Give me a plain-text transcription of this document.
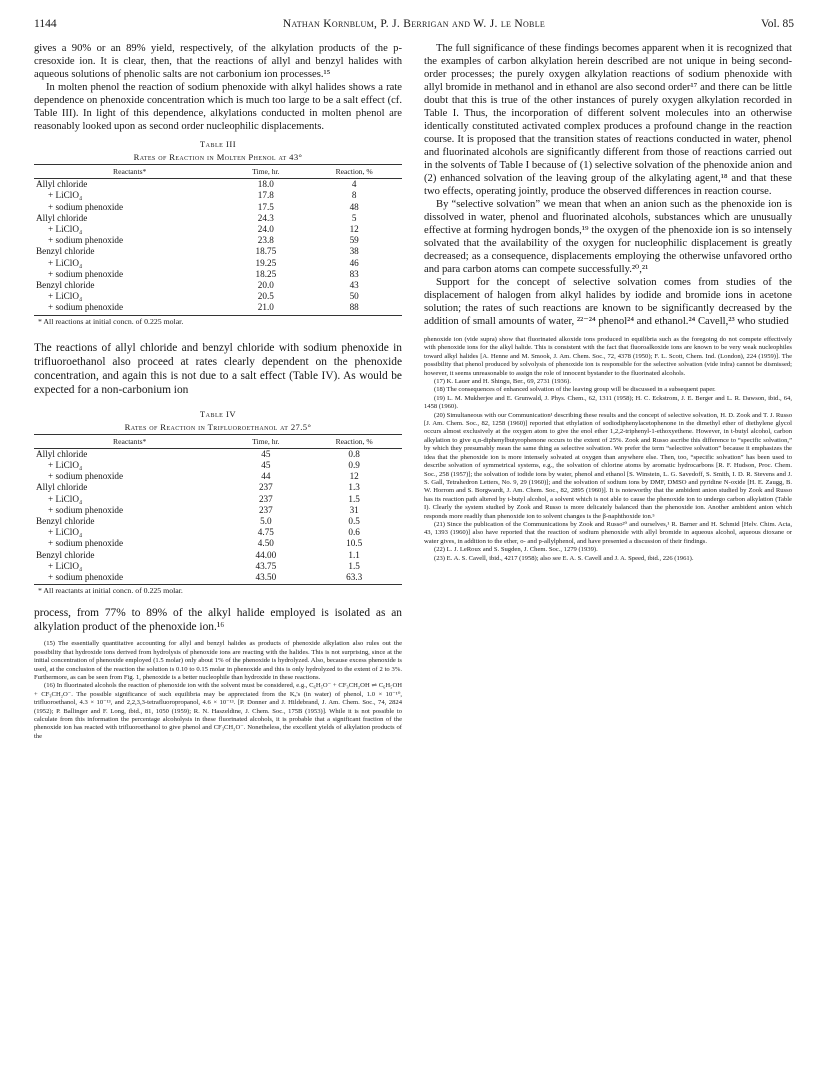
1144	Nathan Kornblum, P. J. Berrigan and W. J. le Noble	Vol. 85

gives a 90% or an 89% yield, respectively, of the alkylation products of the p-cresoxide ion. It is clear, then, that the reactions of allyl and benzyl halides with aqueous solutions of phenolic salts are not carbonium ion processes.¹⁵

In molten phenol the reaction of sodium phenoxide with alkyl halides shows a rate dependence on phenoxide concentration which is much too large to be a salt effect (cf. Table III). In light of this dependence, alkylations conducted in molten phenol are reasonably looked upon as second order nucleophilic displacements.

Table III
Rates of Reaction in Molten Phenol at 43°
Reactants*	Time, hr.	Reaction, %
Allyl chloride	18.0	4
+ LiClO₄	17.8	8
+ sodium phenoxide	17.5	48
Allyl chloride	24.3	5
+ LiClO₄	24.0	12
+ sodium phenoxide	23.8	59
Benzyl chloride	18.75	38
+ LiClO₄	19.25	46
+ sodium phenoxide	18.25	83
Benzyl chloride	20.0	43
+ LiClO₄	20.5	50
+ sodium phenoxide	21.0	88
* All reactions at initial concn. of 0.225 molar.

The reactions of allyl chloride and benzyl chloride with sodium phenoxide in trifluoroethanol also proceed at rates clearly dependent on the phenoxide concentration, and again this is not due to a salt effect (Table IV). As would be expected for a non-carbonium ion

Table IV
Rates of Reaction in Trifluoroethanol at 27.5°
Reactants*	Time, hr.	Reaction, %
Allyl chloride	45	0.8
+ LiClO₄	45	0.9
+ sodium phenoxide	44	12
Allyl chloride	237	1.3
+ LiClO₄	237	1.5
+ sodium phenoxide	237	31
Benzyl chloride	5.0	0.5
+ LiClO₄	4.75	0.6
+ sodium phenoxide	4.50	10.5
Benzyl chloride	44.00	1.1
+ LiClO₄	43.75	1.5
+ sodium phenoxide	43.50	63.3
* All reactants at initial concn. of 0.225 molar.

process, from 77% to 89% of the alkyl halide employed is isolated as an alkylation product of the phenoxide ion.¹⁶

(15) The essentially quantitative accounting for allyl and benzyl halides as products of phenoxide alkylation also rules out the possibility that hydroxide ions derived from hydrolysis of phenoxide ions are reacting with the halides. This is not surprising, since at the initial concentration of phenoxide employed (1.5 molar) only about 1% of the phenoxide is hydrolyzed. Also, because excess phenoxide is used, at the conclusion of the reaction the solution is 0.10 to 0.15 molar in phenoxide and this is only hydrolyzed to the extent of 2 to 3%. Furthermore, as can be seen from Fig. 1, phenoxide is a better nucleophile than hydroxide in these reactions.

(16) In fluorinated alcohols the reaction of phenoxide ion with the solvent must be considered, e.g., C₆H₅O⁻ + CF₃CH₂OH ⇌ C₆H₅OH + CF₃CH₂O⁻. The possible significance of such equilibria may be appreciated from the Kₐ's (in water) of phenol, 1.0 × 10⁻¹⁰, trifluoroethanol, 4.3 × 10⁻¹³, and 2,2,3,3-tetrafluoropropanol, 4.6 × 10⁻¹³. [P. Donner and J. Hildebrand, J. Am. Chem. Soc., 74, 2824 (1952); P. Ballinger and F. Long, ibid., 81, 1050 (1959); R. N. Haszeldine, J. Chem. Soc., 175B (1953)]. While it is not possible to calculate from this information the percentage alcoholysis in these fluorinated alcohols, it is probable that a significant fraction of the phenoxide ion has reacted with trifluoroethanol to give phenol and CF₃CH₂O⁻. Nonetheless, the excellent yields of alkylation products of the

The full significance of these findings becomes apparent when it is recognized that the examples of carbon alkylation herein described are not unique in being second-order processes; the purely oxygen alkylation reactions of sodium phenoxide with allyl bromide in methanol and in ethanol are also second order¹⁷ and there can be little doubt that this is true of the other instances of purely oxygen alkylation recorded in Table I. Thus, the incorporation of different solvent molecules into an otherwise identically constituted activated complex produces a profound change in the reaction course. It is proposed that the transition states of reactions conducted in water, phenol and fluorinated alcohols are significantly different from those of reactions carried out in the solvents of Table I because of (1) selective solvation of the phenoxide anion and (2) enhanced solvation of the leaving group of the alkylating agent,¹⁸ and that these two effects, operating jointly, produce the observed differences in reaction course.

By “selective solvation” we mean that when an anion such as the phenoxide ion is dissolved in water, phenol and fluorinated alcohols, substances which are unusually effective at forming hydrogen bonds,¹⁹ the oxygen of the phenoxide ion is so intensely solvated that the availability of the oxygen for nucleophilic displacement is greatly decreased; as a consequence, displacements employing the otherwise unfavored ortho and para carbon atoms can compete successfully.²⁰,²¹

Support for the concept of selective solvation comes from studies of the displacement of halogen from alkyl halides by iodide and bromide ions in acetone solution; the rates of such reactions are known to be significantly decreased by the addition of small amounts of water, ²²⁻²⁴ phenol²⁴ and ethanol.²⁴ Cavell,²³ who studied

phenoxide ion (vide supra) show that fluorinated alkoxide ions produced in equilibria such as the foregoing do not compete effectively with phenoxide ions for the alkyl halide. This is consistent with the fact that fluoroalkoxide ions are known to be very weak nucleophiles toward alkyl halides [A. Henne and M. Smook, J. Am. Chem. Soc., 72, 4378 (1950); F. L. Scott, Chem. Ind. (London), 224 (1959)]. The possibility that phenol produced by solvolysis of phenoxide ion is responsible for the selective solvation (vide infra) cannot be dismissed; however, it seems unreasonable to assign the role of innocent bystander to the fluorinated alcohols.

(17) K. Lauer and H. Shingu, Ber., 69, 2731 (1936).

(18) The consequences of enhanced solvation of the leaving group will be discussed in a subsequent paper.

(19) L. M. Mukherjee and E. Grunwald, J. Phys. Chem., 62, 1311 (1958); H. C. Eckstrom, J. E. Berger and L. R. Dawson, ibid., 64, 1458 (1960).

(20) Simultaneous with our Communication¹ describing these results and the concept of selective solvation, H. D. Zook and T. J. Russo [J. Am. Chem. Soc., 82, 1258 (1960)] reported that ethylation of sodiodiphenylacetophenone in the dimethyl ether of diethylene glycol occurs almost exclusively at the oxygen atom to give the enol ether 1,2,2-triphenyl-1-ethoxyethene. However, in t-butyl alcohol, carbon alkylation to give α,α-diphenylbutyrophenone occurs to the extent of 25%. Zook and Russo ascribe this difference to “specific solvation,” by which they presumably mean the same thing as selective solvation. We prefer the term “selective solvation” because it emphasizes the idea that the phenoxide ion is more intensely solvated at oxygen than anywhere else. Then, too, “specific solvation” has been used to describe solvation of symmetrical systems, e.g., the solvation of chlorine atoms by aromatic hydrocarbons [R. F. Hudson, Proc. Chem. Soc., 258 (1957)]; the solvation of iodide ions by water, phenol and ethanol [S. Winstein, L. G. Savedoff, S. Smith, I. D. R. Stevens and J. S. Gall, Tetrahedron Letters, No. 9, 29 (1960)]; and the solvation of sodium ions by DMF, DMSO and pyridine N-oxide [H. E. Zaugg, B. W. Horrom and S. Borgwardt, J. Am. Chem. Soc., 82, 2895 (1960)]. It is noteworthy that the ambident anion studied by Zook and Russo has its reaction path altered by t-butyl alcohol, a solvent which is not able to cause the phenoxide ion to undergo carbon alkylation (Table I). Clearly the system studied by Zook and Russo is more delicately balanced than the phenoxide ion. Another ambident anion which responds more readily than phenoxide ion to solvent changes is the β-naphthoxide ion.⁵

(21) Since the publication of the Communications by Zook and Russo²⁰ and ourselves,¹ R. Barner and H. Schmid [Helv. Chim. Acta, 43, 1393 (1960)] also have reported that the reaction of sodium phenoxide with allyl bromide in aqueous alcohol, aqueous dioxane or water gives, in addition to the ether, o- and p-allylphenol, and have presented a discussion of their findings.

(22) L. J. LeRoux and S. Sugden, J. Chem. Soc., 1279 (1939).

(23) E. A. S. Cavell, ibid., 4217 (1958); also see E. A. S. Cavell and J. A. Speed, ibid., 226 (1961).
